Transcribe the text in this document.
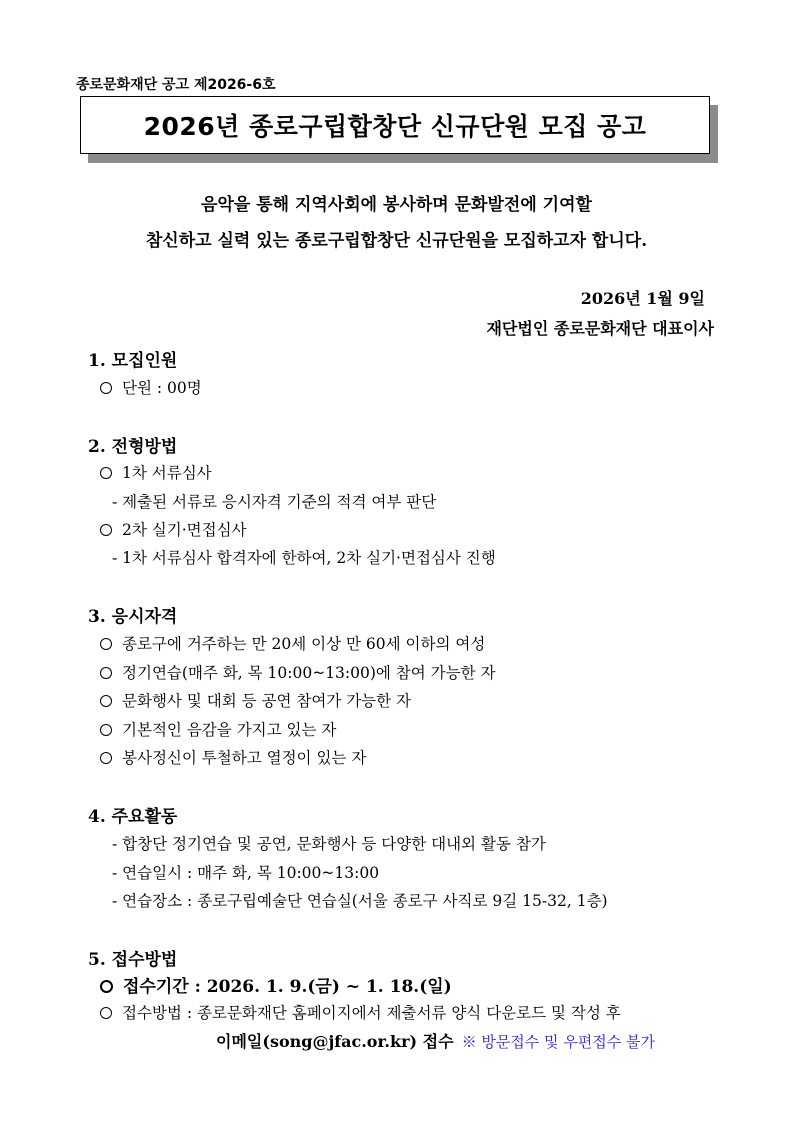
종로문화재단 공고 제2026-6호
2026년 종로구립합창단 신규단원 모집 공고
음악을 통해 지역사회에 봉사하며 문화발전에 기여할
참신하고 실력 있는 종로구립합창단 신규단원을 모집하고자 합니다.
2026년 1월 9일
재단법인 종로문화재단 대표이사
1. 모집인원
단원 : 00명
2. 전형방법
1차 서류심사
- 제출된 서류로 응시자격 기준의 적격 여부 판단
2차 실기·면접심사
- 1차 서류심사 합격자에 한하여, 2차 실기·면접심사 진행
3. 응시자격
종로구에 거주하는 만 20세 이상 만 60세 이하의 여성
정기연습(매주 화, 목 10:00~13:00)에 참여 가능한 자
문화행사 및 대회 등 공연 참여가 가능한 자
기본적인 음감을 가지고 있는 자
봉사정신이 투철하고 열정이 있는 자
4. 주요활동
- 합창단 정기연습 및 공연, 문화행사 등 다양한 대내외 활동 참가
- 연습일시 : 매주 화, 목 10:00~13:00
- 연습장소 : 종로구립예술단 연습실(서울 종로구 사직로 9길 15-32, 1층)
5. 접수방법
접수기간 : 2026. 1. 9.(금) ~ 1. 18.(일)
접수방법 : 종로문화재단 홈페이지에서 제출서류 양식 다운로드 및 작성 후
이메일(song@jfac.or.kr) 접수 ※ 방문접수 및 우편접수 불가
